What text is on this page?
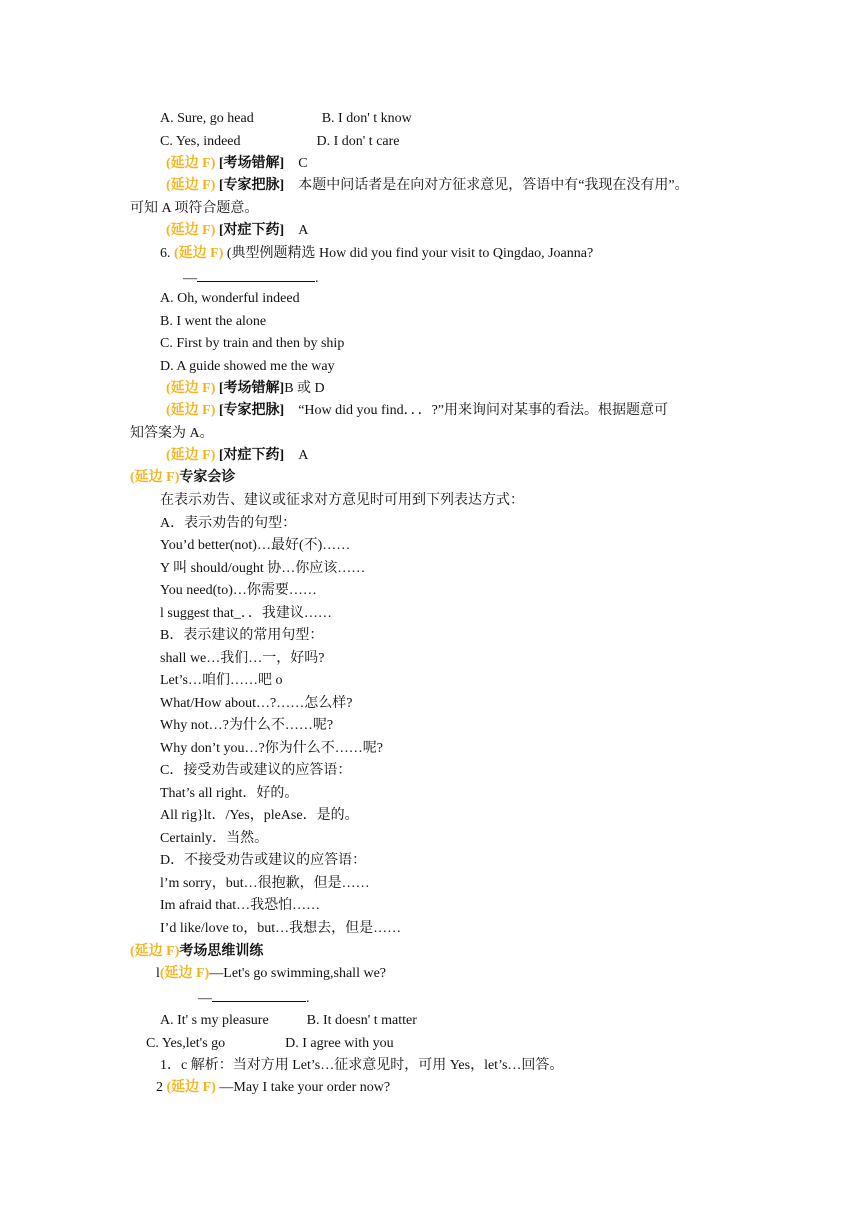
A. Sure, go head	B. I don' t know
C. Yes, indeed	D. I don' t care
(延边 F) [考场错解] C
(延边 F) [专家把脉] 本题中问话者是在向对方征求意见，答语中有“我现在没有用”。
可知 A 项符合题意。
(延边 F) [对症下药] A
6. (延边 F) (典型例题精选 How did you find your visit to Qingdao, Joanna?
—	.
A. Oh, wonderful indeed
B. I went the alone
C. First by train and then by ship
D. A guide showed me the way
(延边 F) [考场错解]B 或 D
(延边 F) [专家把脉] “How did you find．．．?”用来询问对某事的看法。根据题意可
知答案为 A。
(延边 F) [对症下药] A
(延边 F)专家会诊
在表示劝告、建议或征求对方意见时可用到下列表达方式：
A．表示劝告的句型：
You’d better(not)…最好(不)……
Y 叫 should/ought 协…你应该……
You need(to)…你需要……
l suggest that_．．我建议……
B．表示建议的常用句型：
shall we…我们…一，好吗?
Let’s…咱们……吧 o
What/How about…?……怎么样?
Why not…?为什么不……呢?
Why don’t you…?你为什么不……呢?
C．接受劝告或建议的应答语：
That’s all right．好的。
All rig}lt．/Yes，pleAse．是的。
Certainly．当然。
D．不接受劝告或建议的应答语：
l’m sorry，but…很抱歉，但是……
Im afraid that…我恐怕……
I’d like/love to，but…我想去，但是……
(延边 F)考场思维训练
l(延边 F)—Let's go swimming,shall we?
—	.
A. It' s my pleasure	B. It doesn' t matter
C. Yes,let's go	D. I agree with you
1．c 解析：当对方用 Let’s…征求意见时，可用 Yes，let’s…回答。
2 (延边 F) —May I take your order now?
